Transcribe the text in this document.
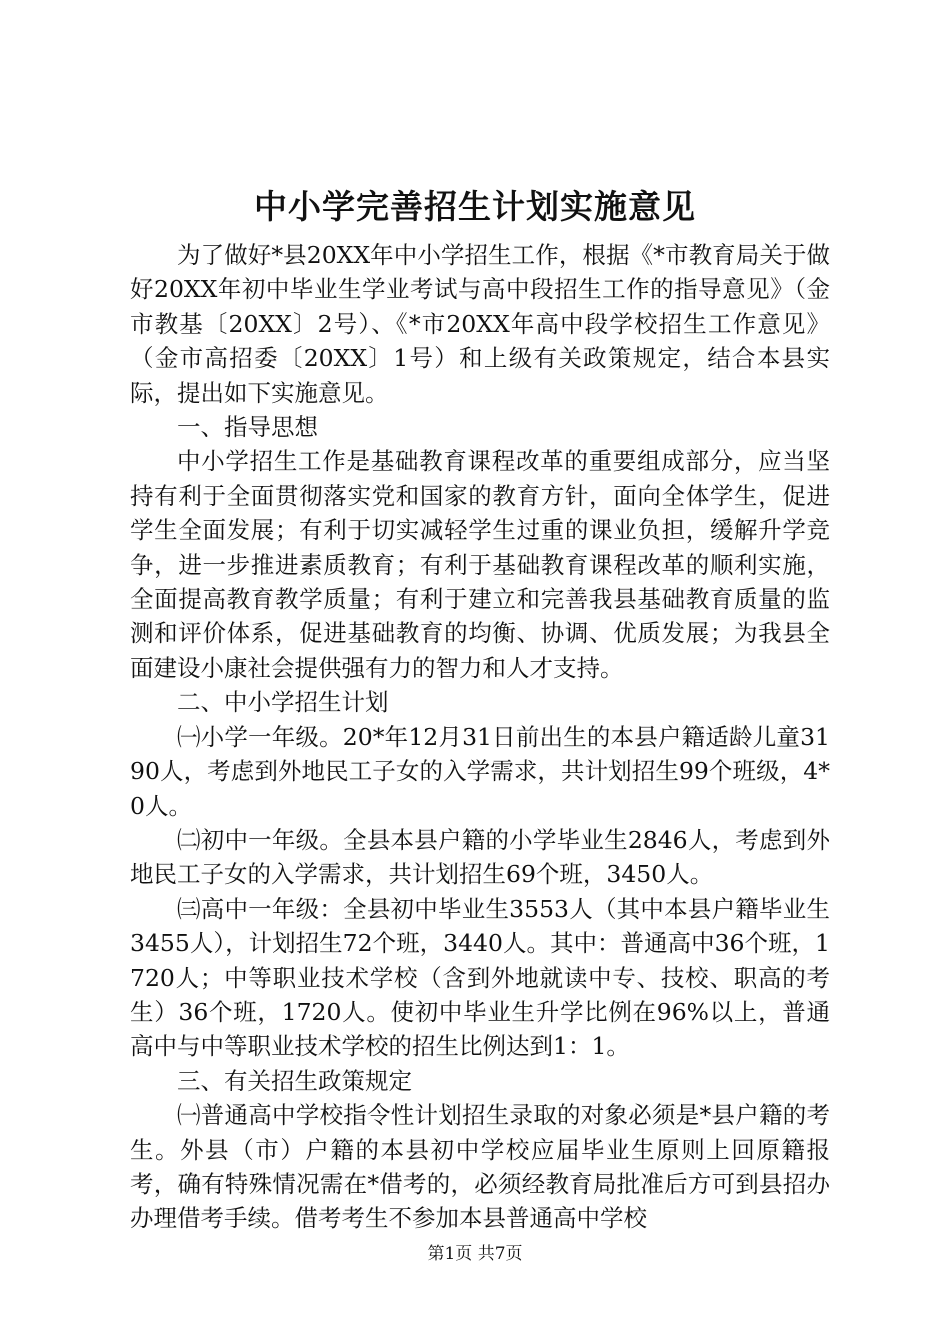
中小学完善招生计划实施意见

为了做好*县20XX年中小学招生工作，根据《*市教育局关于做好20XX年初中毕业生学业考试与高中段招生工作的指导意见》（金市教基〔20XX〕2号）、《*市20XX年高中段学校招生工作意见》（金市高招委〔20XX〕1号）和上级有关政策规定，结合本县实际，提出如下实施意见。

一、指导思想

中小学招生工作是基础教育课程改革的重要组成部分，应当坚持有利于全面贯彻落实党和国家的教育方针，面向全体学生，促进学生全面发展；有利于切实减轻学生过重的课业负担，缓解升学竞争，进一步推进素质教育；有利于基础教育课程改革的顺利实施，全面提高教育教学质量；有利于建立和完善我县基础教育质量的监测和评价体系，促进基础教育的均衡、协调、优质发展；为我县全面建设小康社会提供强有力的智力和人才支持。

二、中小学招生计划

㈠小学一年级。20*年12月31日前出生的本县户籍适龄儿童3190人，考虑到外地民工子女的入学需求，共计划招生99个班级，4*0人。

㈡初中一年级。全县本县户籍的小学毕业生2846人，考虑到外地民工子女的入学需求，共计划招生69个班，3450人。

㈢高中一年级：全县初中毕业生3553人（其中本县户籍毕业生3455人），计划招生72个班，3440人。其中：普通高中36个班，1720人；中等职业技术学校（含到外地就读中专、技校、职高的考生）36个班，1720人。使初中毕业生升学比例在96%以上，普通高中与中等职业技术学校的招生比例达到1：1。

三、有关招生政策规定

㈠普通高中学校指令性计划招生录取的对象必须是*县户籍的考生。外县（市）户籍的本县初中学校应届毕业生原则上回原籍报考，确有特殊情况需在*借考的，必须经教育局批准后方可到县招办办理借考手续。借考考生不参加本县普通高中学校

第1页 共7页
